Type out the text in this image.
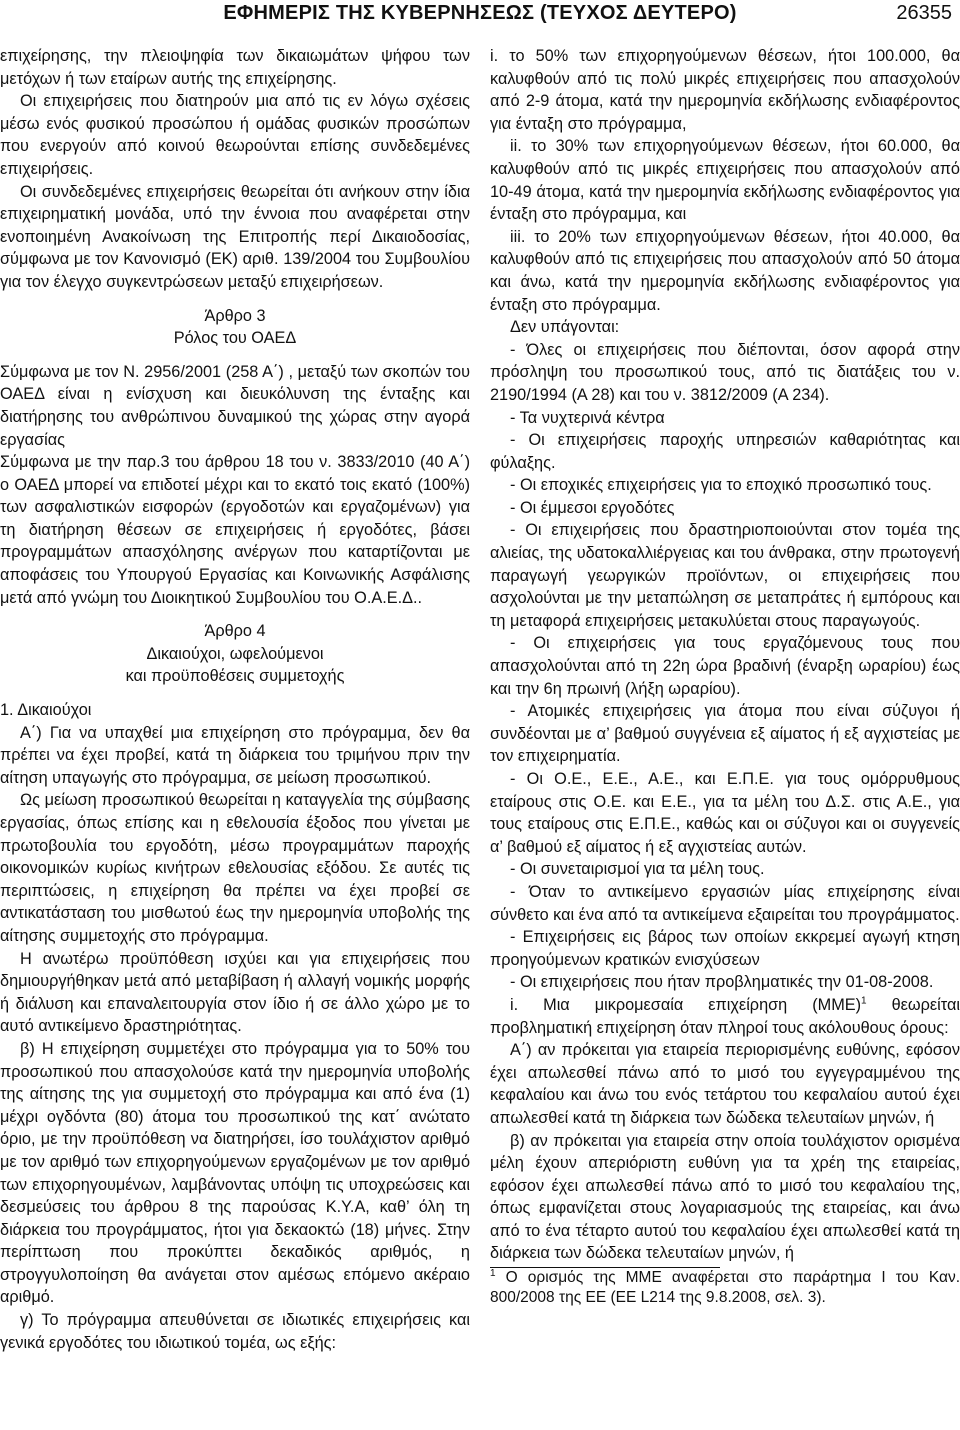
ΕΦΗΜΕΡΙΣ ΤΗΣ ΚΥΒΕΡΝΗΣΕΩΣ (ΤΕΥΧΟΣ ΔΕΥΤΕΡΟ)	26355

επιχείρησης, την πλειοψηφία των δικαιωμάτων ψήφου των μετόχων ή των εταίρων αυτής της επιχείρησης.

Οι επιχειρήσεις που διατηρούν μια από τις εν λόγω σχέσεις μέσω ενός φυσικού προσώπου ή ομάδας φυσικών προσώπων που ενεργούν από κοινού θεωρούνται επίσης συνδεδεμένες επιχειρήσεις.

Οι συνδεδεμένες επιχειρήσεις θεωρείται ότι ανήκουν στην ίδια επιχειρηματική μονάδα, υπό την έννοια που αναφέρεται στην ενοποιημένη Ανακοίνωση της Επιτροπής περί Δικαιοδοσίας, σύμφωνα με τον Κανονισμό (ΕΚ) αριθ. 139/2004 του Συμβουλίου για τον έλεγχο συγκεντρώσεων μεταξύ επιχειρήσεων.

Άρθρο 3

Ρόλος του ΟΑΕΔ

Σύμφωνα με τον Ν. 2956/2001 (258 Α΄) , μεταξύ των σκοπών του ΟΑΕΔ είναι η ενίσχυση και διευκόλυνση της ένταξης και διατήρησης του ανθρώπινου δυναμικού της χώρας στην αγορά εργασίας

Σύμφωνα με την παρ.3 του άρθρου 18 του ν. 3833/2010 (40 Α΄) ο ΟΑΕΔ μπορεί να επιδοτεί μέχρι και το εκατό τοις εκατό (100%) των ασφαλιστικών εισφορών (εργοδοτών και εργαζομένων) για τη διατήρηση θέσεων σε επιχειρήσεις ή εργοδότες, βάσει προγραμμάτων απασχόλησης ανέργων που καταρτίζονται με αποφάσεις του Υπουργού Εργασίας και Κοινωνικής Ασφάλισης μετά από γνώμη του Διοικητικού Συμβουλίου του Ο.Α.Ε.Δ..

Άρθρο 4

Δικαιούχοι, ωφελούμενοι

και προϋποθέσεις συμμετοχής

1. Δικαιούχοι

Α΄) Για να υπαχθεί μια επιχείρηση στο πρόγραμμα, δεν θα πρέπει να έχει προβεί, κατά τη διάρκεια του τριμήνου πριν την αίτηση υπαγωγής στο πρόγραμμα, σε μείωση προσωπικού.

Ως μείωση προσωπικού θεωρείται η καταγγελία της σύμβασης εργασίας, όπως επίσης και η εθελουσία έξοδος που γίνεται με πρωτοβουλία του εργοδότη, μέσω προγραμμάτων παροχής οικονομικών κυρίως κινήτρων εθελουσίας εξόδου. Σε αυτές τις περιπτώσεις, η επιχείρηση θα πρέπει να έχει προβεί σε αντικατάσταση του μισθωτού έως την ημερομηνία υποβολής της αίτησης συμμετοχής στο πρόγραμμα.

Η ανωτέρω προϋπόθεση ισχύει και για επιχειρήσεις που δημιουργήθηκαν μετά από μεταβίβαση ή αλλαγή νομικής μορφής ή διάλυση και επαναλειτουργία στον ίδιο ή σε άλλο χώρο με το αυτό αντικείμενο δραστηριότητας.

β) Η επιχείρηση συμμετέχει στο πρόγραμμα για το 50% του προσωπικού που απασχολούσε κατά την ημερομηνία υποβολής της αίτησης της για συμμετοχή στο πρόγραμμα και από ένα (1) μέχρι ογδόντα (80) άτομα του προσωπικού της κατ΄ ανώτατο όριο, με την προϋπόθεση να διατηρήσει, ίσο τουλάχιστον αριθμό με τον αριθμό των επιχορηγούμενων εργαζομένων με τον αριθμό των επιχορηγουμένων, λαμβάνοντας υπόψη τις υποχρεώσεις και δεσμεύσεις του άρθρου 8 της παρούσας Κ.Υ.Α, καθ’ όλη τη διάρκεια του προγράμματος, ήτοι για δεκαοκτώ (18) μήνες. Στην περίπτωση που προκύπτει δεκαδικός αριθμός, η στρογγυλοποίηση θα ανάγεται στον αμέσως επόμενο ακέραιο αριθμό.

γ) Το πρόγραμμα απευθύνεται σε ιδιωτικές επιχειρήσεις και γενικά εργοδότες του ιδιωτικού τομέα, ως εξής:

i. το 50% των επιχορηγούμενων θέσεων, ήτοι 100.000, θα καλυφθούν από τις πολύ μικρές επιχειρήσεις που απασχολούν από 2-9 άτομα, κατά την ημερομηνία εκδήλωσης ενδιαφέροντος για ένταξη στο πρόγραμμα,

ii. το 30% των επιχορηγούμενων θέσεων, ήτοι 60.000, θα καλυφθούν από τις μικρές επιχειρήσεις που απασχολούν από 10-49 άτομα, κατά την ημερομηνία εκδήλωσης ενδιαφέροντος για ένταξη στο πρόγραμμα, και

iii. το 20% των επιχορηγούμενων θέσεων, ήτοι 40.000, θα καλυφθούν από τις επιχειρήσεις που απασχολούν από 50 άτομα και άνω, κατά την ημερομηνία εκδήλωσης ενδιαφέροντος για ένταξη στο πρόγραμμα.

Δεν υπάγονται:

- Όλες οι επιχειρήσεις που διέπονται, όσον αφορά στην πρόσληψη του προσωπικού τους, από τις διατάξεις του ν. 2190/1994 (Α 28) και του ν. 3812/2009 (Α 234).

- Τα νυχτερινά κέντρα

- Οι επιχειρήσεις παροχής υπηρεσιών καθαριότητας και φύλαξης.

- Οι εποχικές επιχειρήσεις για το εποχικό προσωπικό τους.

- Οι έμμεσοι εργοδότες

- Οι επιχειρήσεις που δραστηριοποιούνται στον τομέα της αλιείας, της υδατοκαλλιέργειας και του άνθρακα, στην πρωτογενή παραγωγή γεωργικών προϊόντων, οι επιχειρήσεις που ασχολούνται με την μεταπώληση σε μεταπράτες ή εμπόρους και τη μεταφορά επιχειρήσεις μετακυλύεται στους παραγωγούς.

- Οι επιχειρήσεις για τους εργαζόμενους τους που απασχολούνται από τη 22η ώρα βραδινή (έναρξη ωραρίου) έως και την 6η πρωινή (λήξη ωραρίου).

- Ατομικές επιχειρήσεις για άτομα που είναι σύζυγοι ή συνδέονται με α’ βαθμού συγγένεια εξ αίματος ή εξ αγχιστείας με τον επιχειρηματία.

- Οι Ο.Ε., Ε.Ε., Α.Ε., και Ε.Π.Ε. για τους ομόρρυθμους εταίρους στις Ο.Ε. και Ε.Ε., για τα μέλη του Δ.Σ. στις Α.Ε., για τους εταίρους στις Ε.Π.Ε., καθώς και οι σύζυγοι και οι συγγενείς α’ βαθμού εξ αίματος ή εξ αγχιστείας αυτών.

- Οι συνεταιρισμοί για τα μέλη τους.

- Όταν το αντικείμενο εργασιών μίας επιχείρησης είναι σύνθετο και ένα από τα αντικείμενα εξαιρείται του προγράμματος.

- Επιχειρήσεις εις βάρος των οποίων εκκρεμεί αγωγή κτηση προηγούμενων κρατικών ενισχύσεων

- Οι επιχειρήσεις που ήταν προβληματικές την 01-08-2008.

i. Μια μικρομεσαία επιχείρηση $(MME)^1$ θεωρείται προβληματική επιχείρηση όταν πληροί τους ακόλουθους όρους:

Α΄) αν πρόκειται για εταιρεία περιορισμένης ευθύνης, εφόσον έχει απωλεσθεί πάνω από το μισό του εγγεγραμμένου της κεφαλαίου και άνω του ενός τετάρτου του κεφαλαίου αυτού έχει απωλεσθεί κατά τη διάρκεια των δώδεκα τελευταίων μηνών, ή

β) αν πρόκειται για εταιρεία στην οποία τουλάχιστον ορισμένα μέλη έχουν απεριόριστη ευθύνη για τα χρέη της εταιρείας, εφόσον έχει απωλεσθεί πάνω από το μισό του κεφαλαίου της, όπως εμφανίζεται στους λογαριασμούς της εταιρείας, και άνω από το ένα τέταρτο αυτού του κεφαλαίου έχει απωλεσθεί κατά τη διάρκεια των δώδεκα τελευταίων μηνών, ή

$^1$ Ο ορισμός της ΜΜΕ αναφέρεται στο παράρτημα Ι του Καν. 800/2008 της ΕΕ (ΕΕ L214 της 9.8.2008, σελ. 3).
